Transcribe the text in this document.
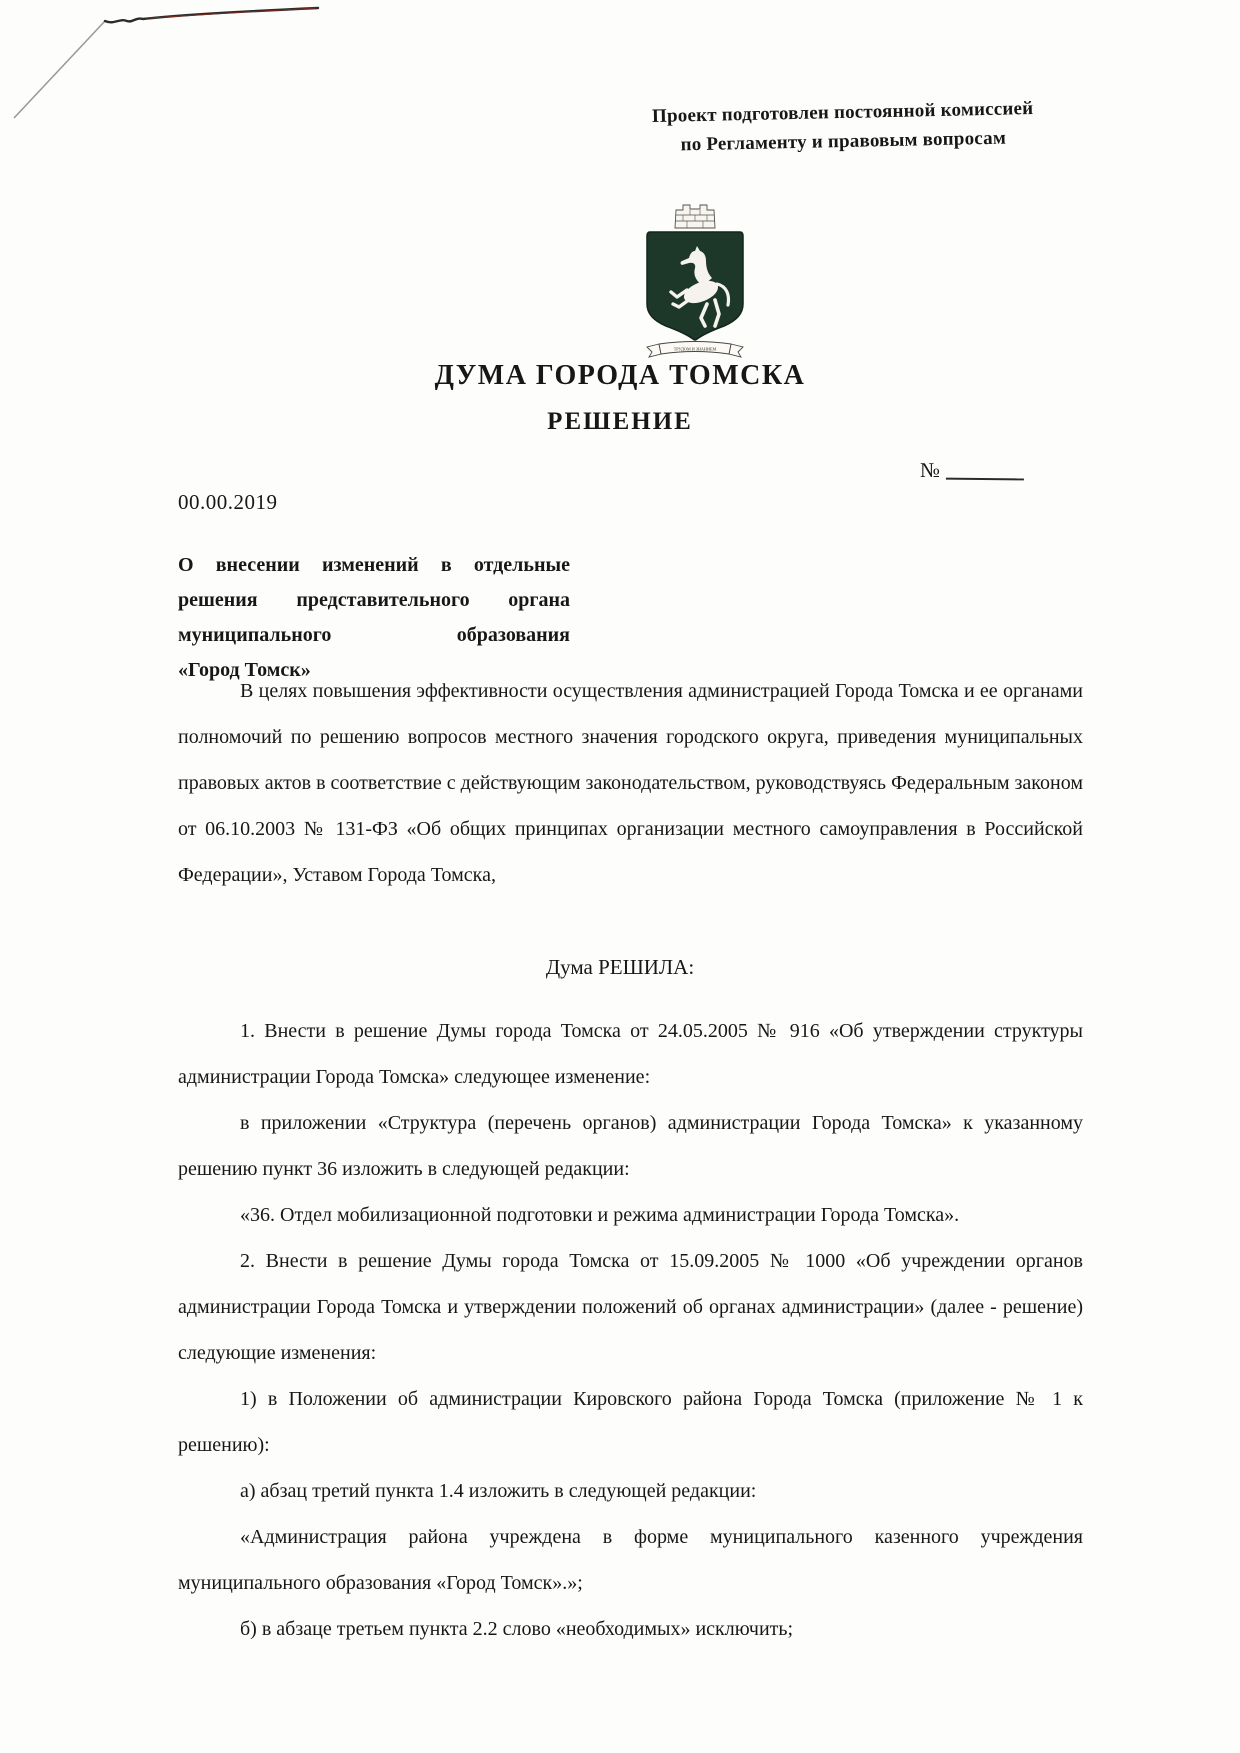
Проект подготовлен постоянной комиссией
по Регламенту и правовым вопросам
ТРУДОМ И ЗНАНИЕМ
ДУМА ГОРОДА ТОМСКА
РЕШЕНИЕ
№
00.00.2019
О внесении изменений в отдельные
решения представительного органа
муниципального образования
«Город Томск»
В целях повышения эффективности осуществления администрацией Города Томска и ее органами полномочий по решению вопросов местного значения городского округа, приведения муниципальных правовых актов в соответствие с действующим законодательством, руководствуясь Федеральным законом от 06.10.2003 № 131-ФЗ «Об общих принципах организации местного самоуправления в Российской Федерации», Уставом Города Томска,
Дума РЕШИЛА:

1. Внести в решение Думы города Томска от 24.05.2005 № 916 «Об утверждении структуры администрации Города Томска» следующее изменение:

в приложении «Структура (перечень органов) администрации Города Томска» к указанному решению пункт 36 изложить в следующей редакции:

«36. Отдел мобилизационной подготовки и режима администрации Города Томска».

2. Внести в решение Думы города Томска от 15.09.2005 № 1000 «Об учреждении органов администрации Города Томска и утверждении положений об органах администрации» (далее - решение) следующие изменения:

1) в Положении об администрации Кировского района Города Томска (приложение № 1 к решению):

а) абзац третий пункта 1.4 изложить в следующей редакции:

«Администрация района учреждена в форме муниципального казенного учреждения муниципального образования «Город Томск».»;

б) в абзаце третьем пункта 2.2 слово «необходимых» исключить;
